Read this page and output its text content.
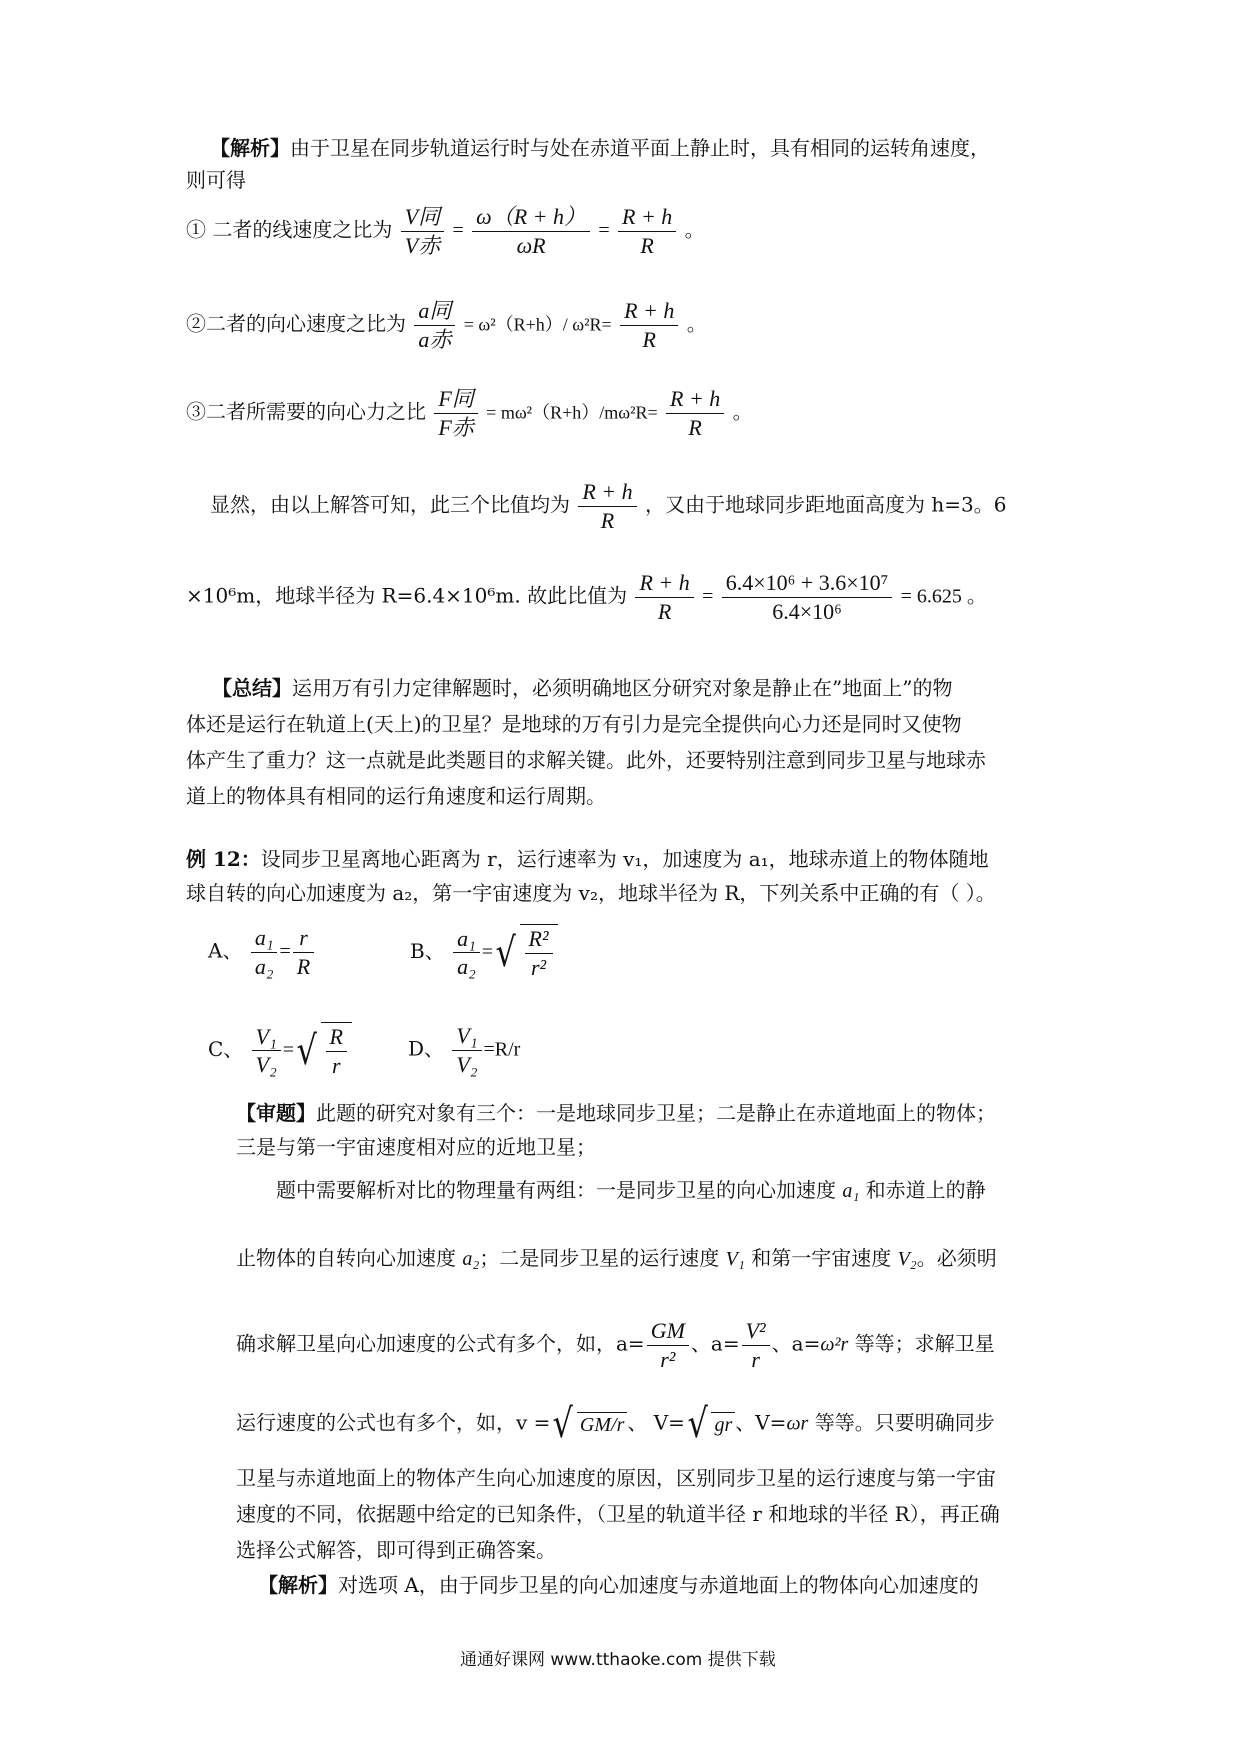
【解析】由于卫星在同步轨道运行时与处在赤道平面上静止时，具有相同的运转角速度，
则可得
① 二者的线速度之比为 $\frac{\text{V同}}{\text{V赤}} = \frac{\omega(R + h)}{\omega R} = \frac{R + h}{R}$ 。
②二者的向心速度之比为 $\frac{\text{a同}}{\text{a赤}} = \omega^2(R+h)/$ $\omega^2R= \frac{R + h}{R}$ 。
③二者所需要的向心力之比 $\frac{\text{F同}}{\text{F赤}} = m\omega^2(R+h)/m\omega^2R= \frac{R + h}{R}$ 。
显然，由以上解答可知，此三个比值均为 $\frac{R + h}{R}$ ，又由于地球同步距地面高度为 h=3。6
×10⁶m，地球半径为 R=6.4×10⁶m. 故此比值为 $\frac{R + h}{R} = \frac{\text{6.4×10⁶ + 3.6×10⁷}}{\text{6.4×10⁶}} = 6.625$ 。
【总结】运用万有引力定律解题时，必须明确地区分研究对象是静止在”地面上”的物
体还是运行在轨道上(天上)的卫星？是地球的万有引力是完全提供向心力还是同时又使物
体产生了重力？这一点就是此类题目的求解关键。此外，还要特别注意到同步卫星与地球赤
道上的物体具有相同的运行角速度和运行周期。
例 12：设同步卫星离地心距离为 r，运行速率为 v₁，加速度为 a₁，地球赤道上的物体随地
球自转的向心加速度为 a₂，第一宇宙速度为 v₂，地球半径为 R，下列关系中正确的有（ ）。
A、 $\frac{\text{a₁}}{\text{a₂}} = \frac{r}{R}$	B、 $\frac{\text{a₁}}{\text{a₂}}$ =√ $\frac{\text{R²}}{\text{r²}}$
C、 $\frac{\text{V₁}}{\text{V₂}}$ =√ $\frac{R}{r}$	D、 $\frac{\text{V₁}}{\text{V₂}} =R/r$
【审题】此题的研究对象有三个：一是地球同步卫星；二是静止在赤道地面上的物体；
三是与第一宇宙速度相对应的近地卫星；
题中需要解析对比的物理量有两组：一是同步卫星的向心加速度 a₁ 和赤道上的静
止物体的自转向心加速度 a₂；二是同步卫星的运行速度 V₁ 和第一宇宙速度 V₂。必须明
确求解卫星向心加速度的公式有多个，如，$a= \frac{GM}{\text{r²}}$ 、$a= \frac{\text{V²}}{r}$ 、a=ω²r 等等；求解卫星
运行速度的公式也有多个，如，v =√ GM/r 、 V=√ gr 、V=ωr 等等。只要明确同步
卫星与赤道地面上的物体产生向心加速度的原因，区别同步卫星的运行速度与第一宇宙
速度的不同，依据题中给定的已知条件，（卫星的轨道半径 r 和地球的半径 R），再正确
选择公式解答，即可得到正确答案。
【解析】对选项 A，由于同步卫星的向心加速度与赤道地面上的物体向心加速度的
通通好课网 www.tthaoke.com 提供下载
